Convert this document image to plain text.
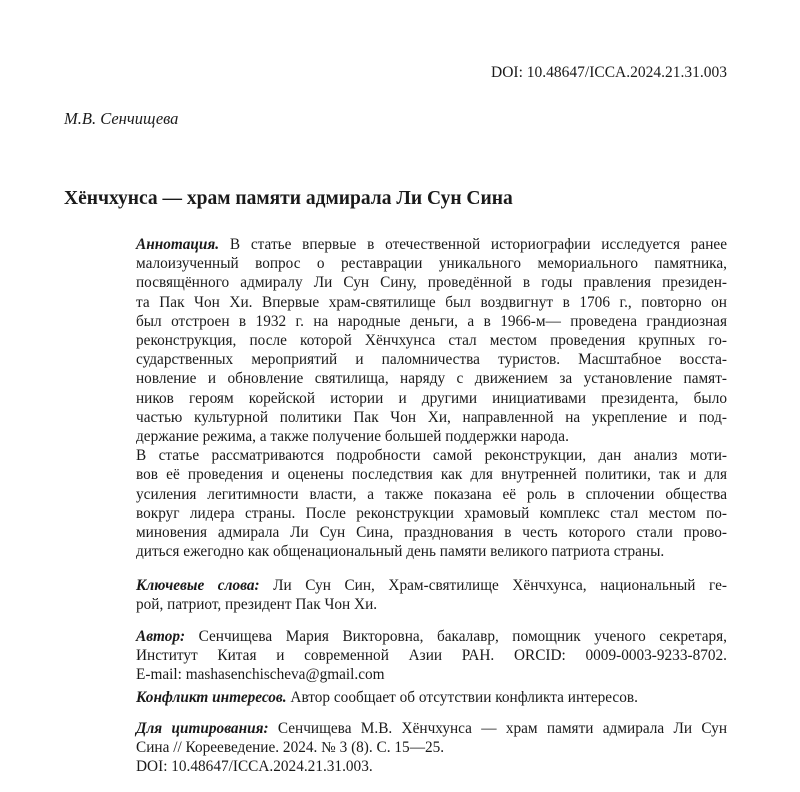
DOI: 10.48647/ICCA.2024.21.31.003
М.В. Сенчищева
Хёнчхунса — храм памяти адмирала Ли Сун Сина

Аннотация. В статье впервые в отечественной историографии исследуется ранее
малоизученный вопрос о реставрации уникального мемориального памятника,
посвящённого адмиралу Ли Сун Сину, проведённой в годы правления президен-
та Пак Чон Хи. Впервые храм-святилище был воздвигнут в 1706 г., повторно он
был отстроен в 1932 г. на народные деньги, а в 1966-м— проведена грандиозная
реконструкция, после которой Хёнчхунса стал местом проведения крупных го-
сударственных мероприятий и паломничества туристов. Масштабное восста-
новление и обновление святилища, наряду с движением за установление памят-
ников героям корейской истории и другими инициативами президента, было
частью культурной политики Пак Чон Хи, направленной на укрепление и под-
держание режима, а также получение большей поддержки народа.
В статье рассматриваются подробности самой реконструкции, дан анализ моти-
вов её проведения и оценены последствия как для внутренней политики, так и для
усиления легитимности власти, а также показана её роль в сплочении общества
вокруг лидера страны. После реконструкции храмовый комплекс стал местом по-
миновения адмирала Ли Сун Сина, празднования в честь которого стали прово-
диться ежегодно как общенациональный день памяти великого патриота страны.

Ключевые слова: Ли Сун Син, Храм-святилище Хёнчхунса, национальный ге-
рой, патриот, президент Пак Чон Хи.

Автор: Сенчищева Мария Викторовна, бакалавр, помощник ученого секретаря,
Институт Китая и современной Азии РАН. ORCID: 0009-0003-9233-8702.
E-mail: mashasenchischeva@gmail.com

Конфликт интересов. Автор сообщает об отсутствии конфликта интересов.

Для цитирования: Сенчищева М.В. Хёнчхунса — храм памяти адмирала Ли Сун
Сина // Корееведение. 2024. № 3 (8). С. 15—25.
DOI: 10.48647/ICCA.2024.21.31.003.
